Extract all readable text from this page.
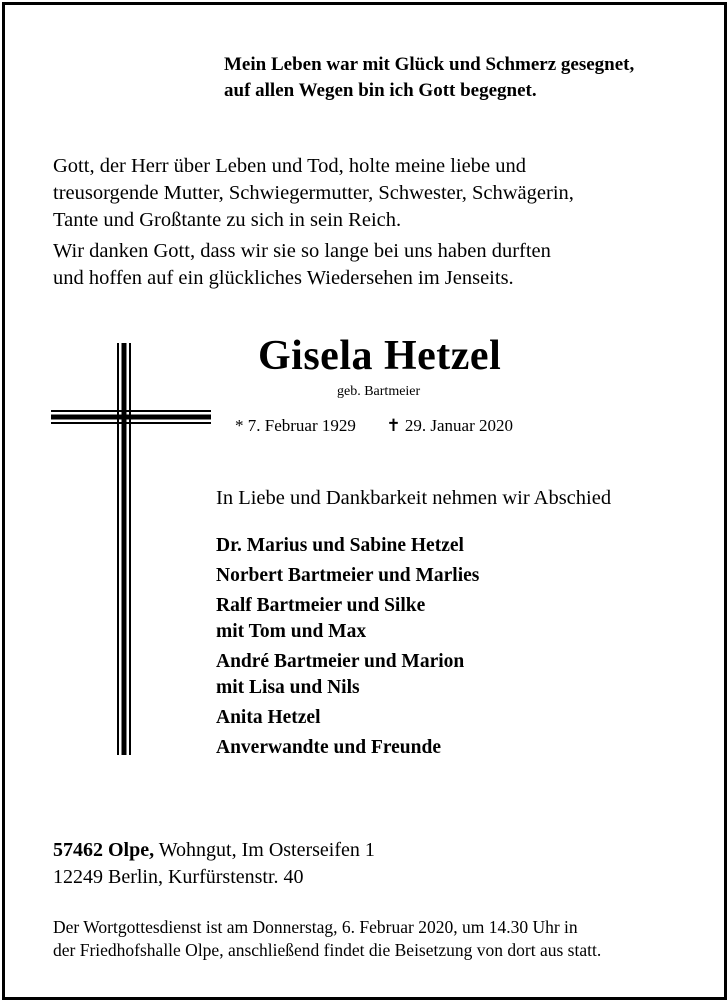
Mein Leben war mit Glück und Schmerz gesegnet,
auf allen Wegen bin ich Gott begegnet.
Gott, der Herr über Leben und Tod, holte meine liebe und
treusorgende Mutter, Schwiegermutter, Schwester, Schwägerin,
Tante und Großtante zu sich in sein Reich.
Wir danken Gott, dass wir sie so lange bei uns haben durften
und hoffen auf ein glückliches Wiedersehen im Jenseits.
Gisela Hetzel
geb. Bartmeier
* 7. Februar 1929 ✝ 29. Januar 2020
In Liebe und Dankbarkeit nehmen wir Abschied
Dr. Marius und Sabine Hetzel
Norbert Bartmeier und Marlies
Ralf Bartmeier und Silke
mit Tom und Max
André Bartmeier und Marion
mit Lisa und Nils
Anita Hetzel
Anverwandte und Freunde
57462 Olpe, Wohngut, Im Osterseifen 1
12249 Berlin, Kurfürstenstr. 40
Der Wortgottesdienst ist am Donnerstag, 6. Februar 2020, um 14.30 Uhr in
der Friedhofshalle Olpe, anschließend findet die Beisetzung von dort aus statt.
